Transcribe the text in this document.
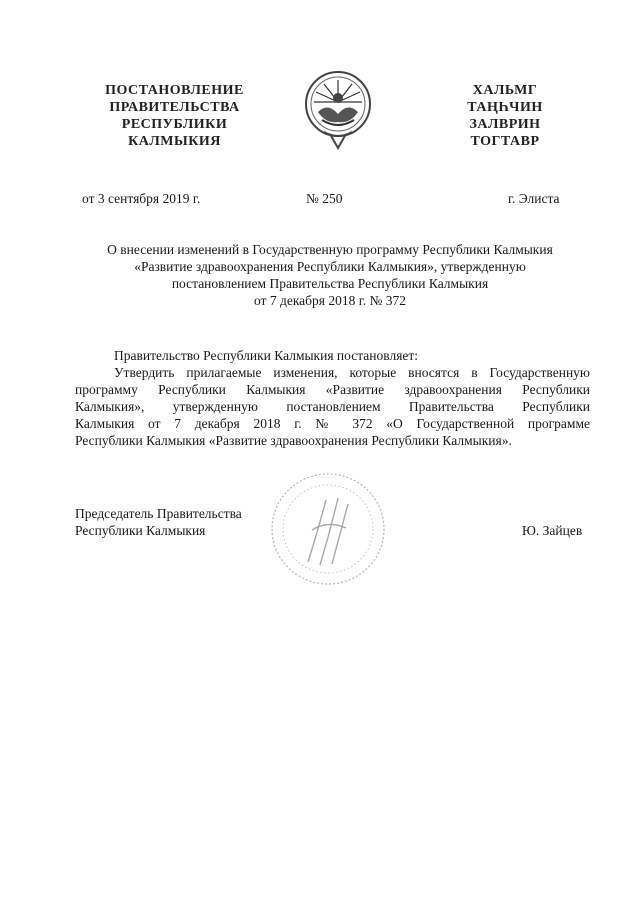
ПОСТАНОВЛЕНИЕ
ПРАВИТЕЛЬСТВА
РЕСПУБЛИКИ
КАЛМЫКИЯ
ХАЛЬМГ
ТАҢҺЧИН
ЗАЛВРИН
ТОГТАВР
от 3 сентября 2019 г.	№ 250	г. Элиста
О внесении изменений в Государственную программу Республики Калмыкия
«Развитие здравоохранения Республики Калмыкия», утвержденную
постановлением Правительства Республики Калмыкия
от 7 декабря 2018 г. № 372
Правительство Республики Калмыкия постановляет:
Утвердить прилагаемые изменения, которые вносятся в Государственную
программу Республики Калмыкия «Развитие здравоохранения Республики
Калмыкия», утвержденную постановлением Правительства Республики
Калмыкия от 7 декабря 2018 г. № 372 «О Государственной программе
Республики Калмыкия «Развитие здравоохранения Республики Калмыкия».
Председатель Правительства
Республики Калмыкия	Ю. Зайцев
